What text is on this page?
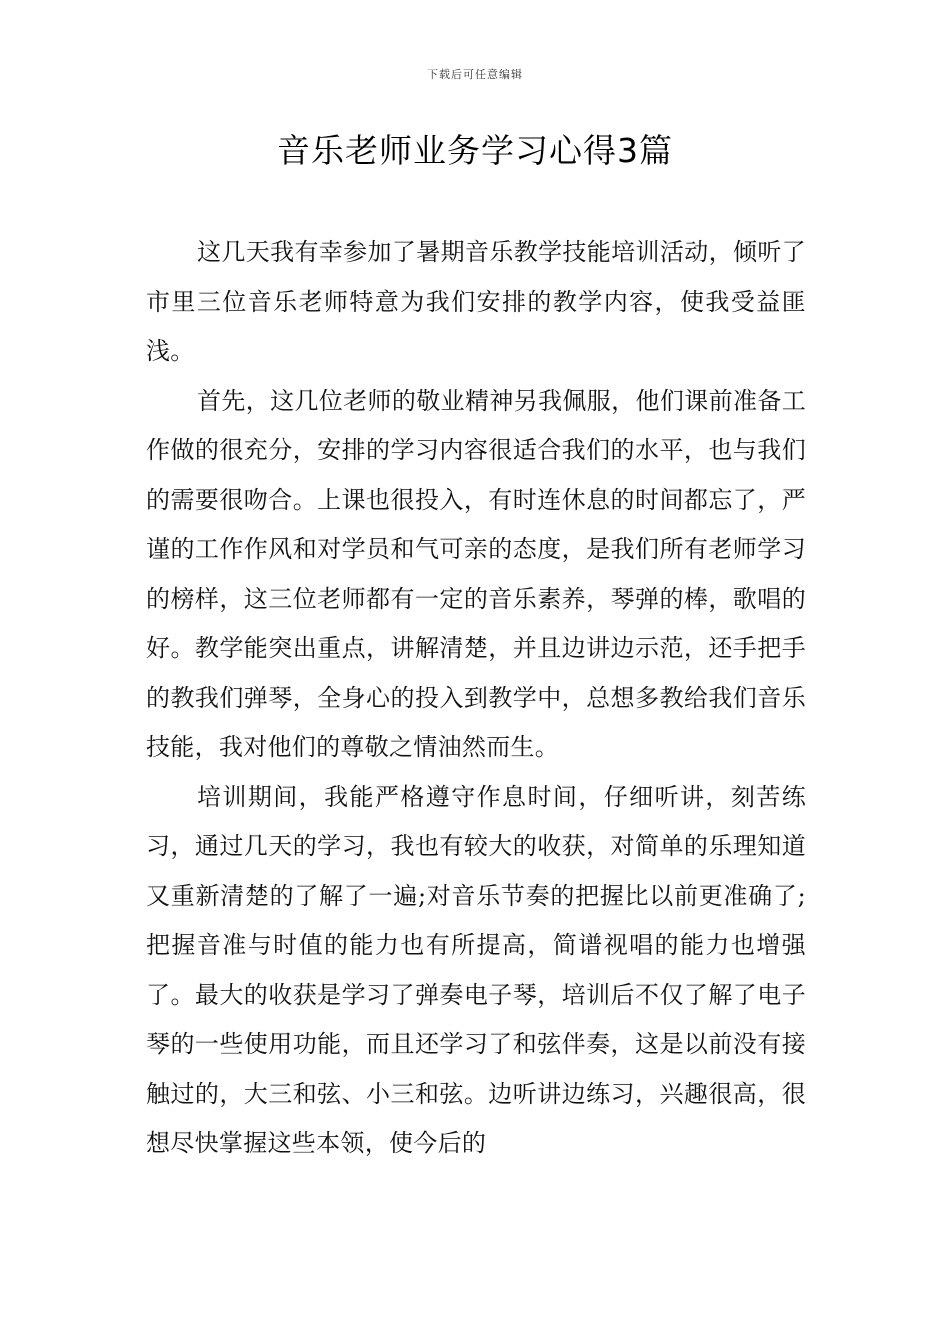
下载后可任意编辑
音乐老师业务学习心得3篇

这几天我有幸参加了暑期音乐教学技能培训活动，倾听了市里三位音乐老师特意为我们安排的教学内容，使我受益匪浅。

首先，这几位老师的敬业精神另我佩服，他们课前准备工作做的很充分，安排的学习内容很适合我们的水平，也与我们的需要很吻合。上课也很投入，有时连休息的时间都忘了，严谨的工作作风和对学员和气可亲的态度，是我们所有老师学习的榜样，这三位老师都有一定的音乐素养，琴弹的棒，歌唱的好。教学能突出重点，讲解清楚，并且边讲边示范，还手把手的教我们弹琴，全身心的投入到教学中，总想多教给我们音乐技能，我对他们的尊敬之情油然而生。

培训期间，我能严格遵守作息时间，仔细听讲，刻苦练习，通过几天的学习，我也有较大的收获，对简单的乐理知道又重新清楚的了解了一遍;对音乐节奏的把握比以前更准确了;把握音准与时值的能力也有所提高，简谱视唱的能力也增强了。最大的收获是学习了弹奏电子琴，培训后不仅了解了电子琴的一些使用功能，而且还学习了和弦伴奏，这是以前没有接触过的，大三和弦、小三和弦。边听讲边练习，兴趣很高，很想尽快掌握这些本领，使今后的
